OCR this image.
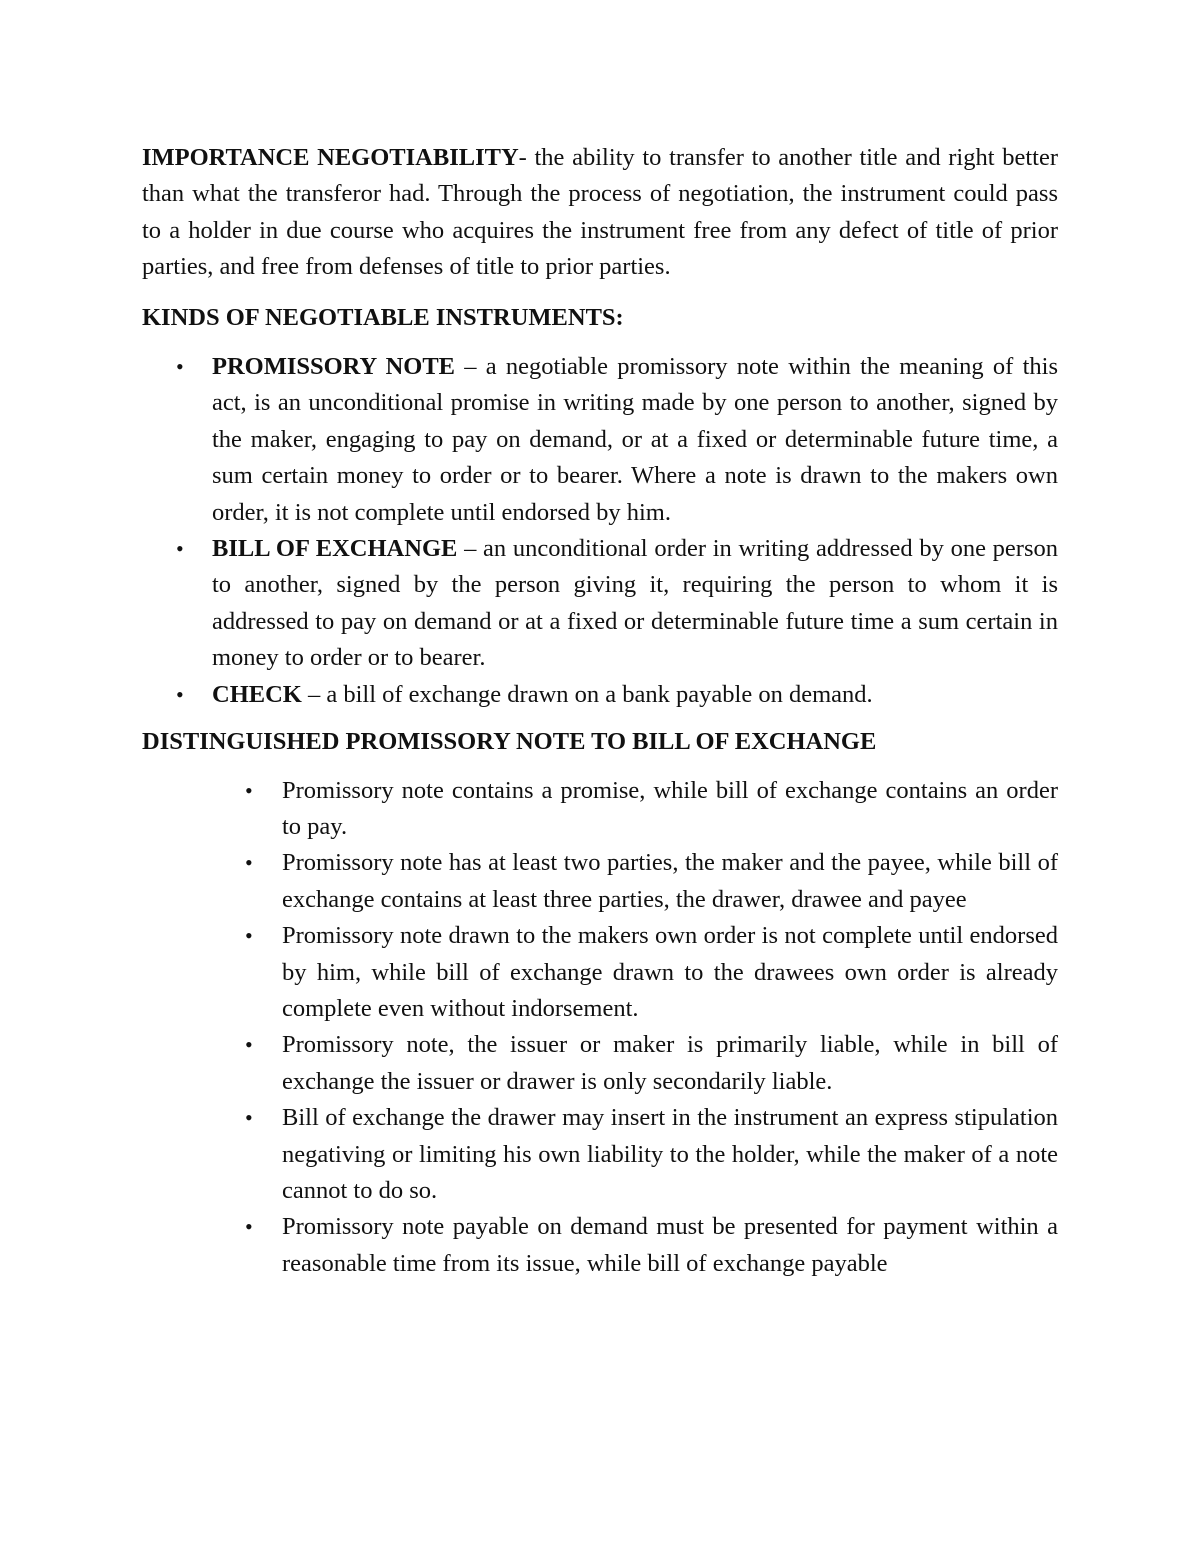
IMPORTANCE NEGOTIABILITY- the ability to transfer to another title and right better than what the transferor had. Through the process of negotiation, the instrument could pass to a holder in due course who acquires the instrument free from any defect of title of prior parties, and free from defenses of title to prior parties.

KINDS OF NEGOTIABLE INSTRUMENTS:

• PROMISSORY NOTE – a negotiable promissory note within the meaning of this act, is an unconditional promise in writing made by one person to another, signed by the maker, engaging to pay on demand, or at a fixed or determinable future time, a sum certain money to order or to bearer. Where a note is drawn to the makers own order, it is not complete until endorsed by him.
• BILL OF EXCHANGE – an unconditional order in writing addressed by one person to another, signed by the person giving it, requiring the person to whom it is addressed to pay on demand or at a fixed or determinable future time a sum certain in money to order or to bearer.
• CHECK – a bill of exchange drawn on a bank payable on demand.

DISTINGUISHED PROMISSORY NOTE TO BILL OF EXCHANGE

• Promissory note contains a promise, while bill of exchange contains an order to pay.
• Promissory note has at least two parties, the maker and the payee, while bill of exchange contains at least three parties, the drawer, drawee and payee
• Promissory note drawn to the makers own order is not complete until endorsed by him, while bill of exchange drawn to the drawees own order is already complete even without indorsement.
• Promissory note, the issuer or maker is primarily liable, while in bill of exchange the issuer or drawer is only secondarily liable.
• Bill of exchange the drawer may insert in the instrument an express stipulation negativing or limiting his own liability to the holder, while the maker of a note cannot to do so.
• Promissory note payable on demand must be presented for payment within a reasonable time from its issue, while bill of exchange payable
